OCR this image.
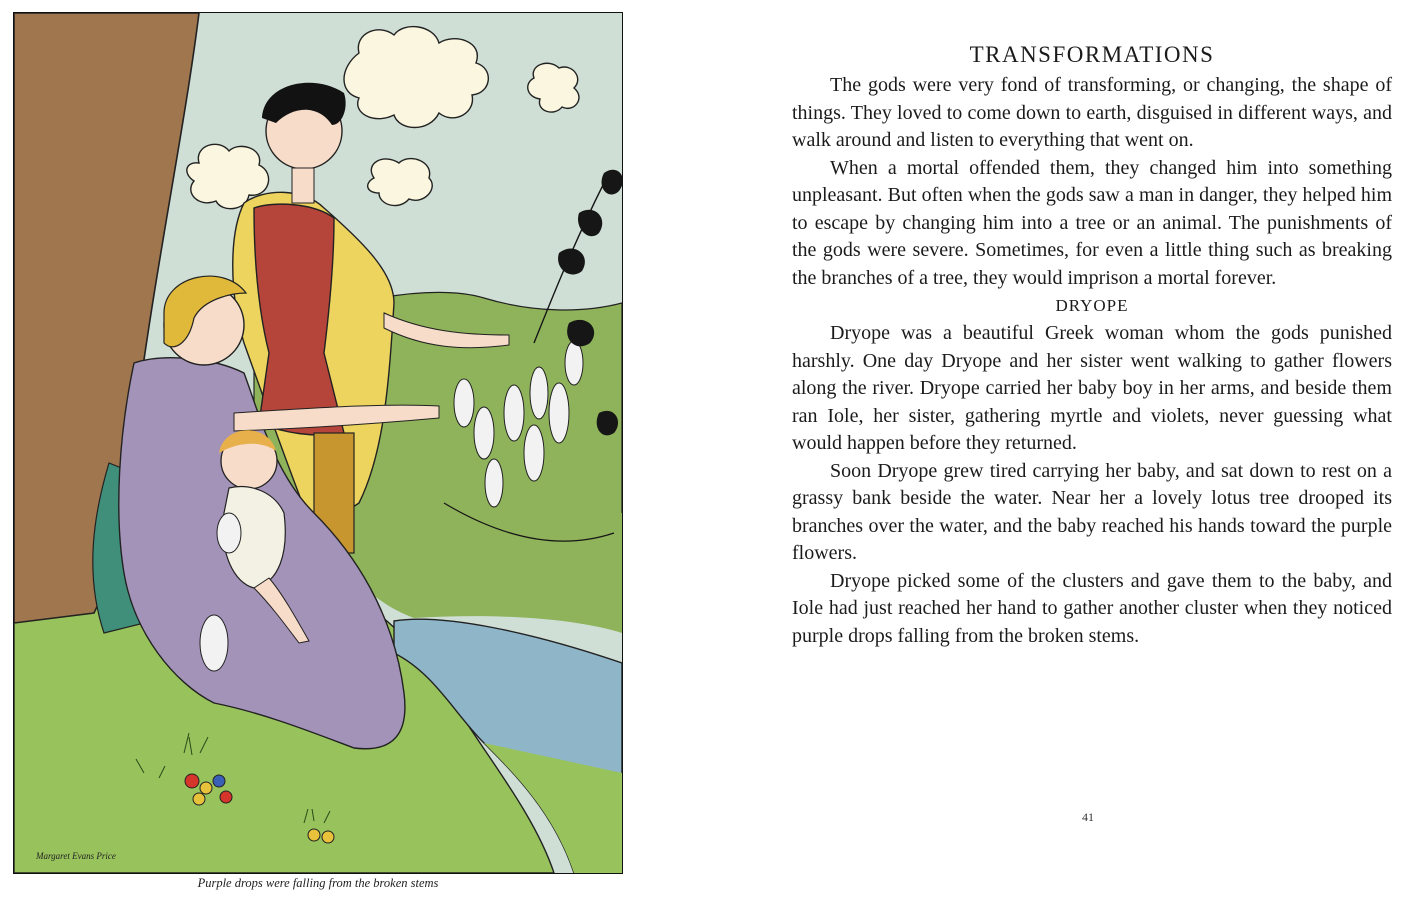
Margaret Evans Price
Purple drops were falling from the broken stems
TRANSFORMATIONS

The gods were very fond of transforming, or changing, the shape of things. They loved to come down to earth, disguised in different ways, and walk around and listen to everything that went on.

When a mortal offended them, they changed him into something unpleasant. But often when the gods saw a man in danger, they helped him to escape by changing him into a tree or an animal. The punishments of the gods were severe. Sometimes, for even a little thing such as breaking the branches of a tree, they would imprison a mortal forever.

DRYOPE

Dryope was a beautiful Greek woman whom the gods punished harshly. One day Dryope and her sister went walking to gather flowers along the river. Dryope carried her baby boy in her arms, and beside them ran Iole, her sister, gathering myrtle and violets, never guessing what would happen before they returned.

Soon Dryope grew tired carrying her baby, and sat down to rest on a grassy bank beside the water. Near her a lovely lotus tree drooped its branches over the water, and the baby reached his hands toward the purple flowers.

Dryope picked some of the clusters and gave them to the baby, and Iole had just reached her hand to gather another cluster when they noticed purple drops falling from the broken stems.

41
